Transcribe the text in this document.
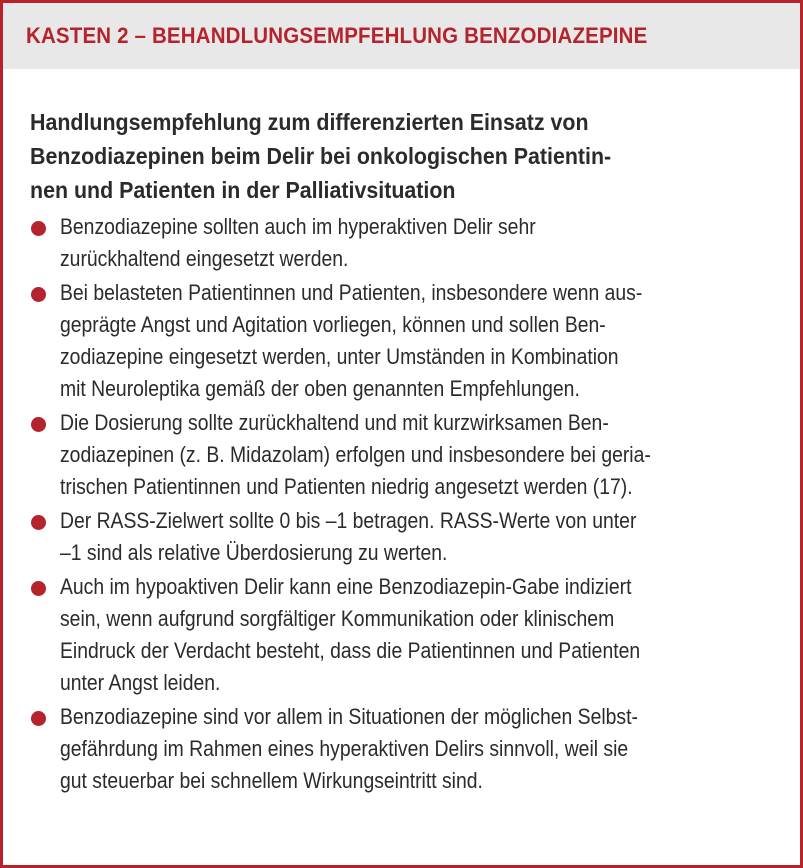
KASTEN 2 – BEHANDLUNGSEMPFEHLUNG BENZODIAZEPINE
Handlungsempfehlung zum differenzierten Einsatz von
Benzodiazepinen beim Delir bei onkologischen Patientin-
nen und Patienten in der Palliativsituation
Benzodiazepine sollten auch im hyperaktiven Delir sehr
zurückhaltend eingesetzt werden.
Bei belasteten Patientinnen und Patienten, insbesondere wenn aus-
geprägte Angst und Agitation vorliegen, können und sollen Ben-
zodiazepine eingesetzt werden, unter Umständen in Kombination
mit Neuroleptika gemäß der oben genannten Empfehlungen.
Die Dosierung sollte zurückhaltend und mit kurzwirksamen Ben-
zodiazepinen (z. B. Midazolam) erfolgen und insbesondere bei geria-
trischen Patientinnen und Patienten niedrig angesetzt werden (17).
Der RASS-Zielwert sollte 0 bis –1 betragen. RASS-Werte von unter
–1 sind als relative Überdosierung zu werten.
Auch im hypoaktiven Delir kann eine Benzodiazepin-Gabe indiziert
sein, wenn aufgrund sorgfältiger Kommunikation oder klinischem
Eindruck der Verdacht besteht, dass die Patientinnen und Patienten
unter Angst leiden.
Benzodiazepine sind vor allem in Situationen der möglichen Selbst-
gefährdung im Rahmen eines hyperaktiven Delirs sinnvoll, weil sie
gut steuerbar bei schnellem Wirkungseintritt sind.
